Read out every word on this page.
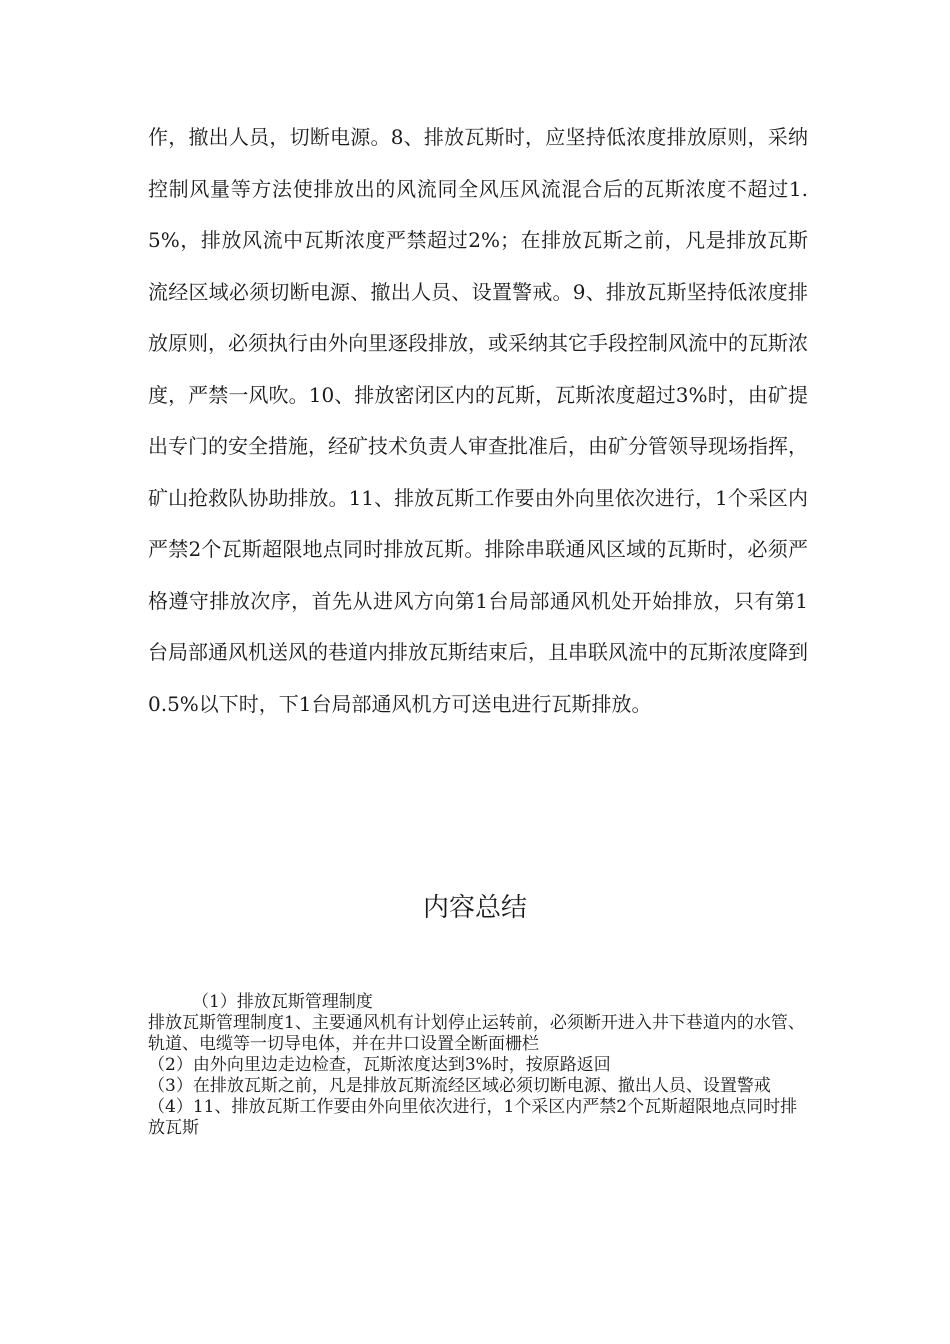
作，撤出人员，切断电源。8、排放瓦斯时，应坚持低浓度排放原则，采纳控制风量等方法使排放出的风流同全风压风流混合后的瓦斯浓度不超过1.5%，排放风流中瓦斯浓度严禁超过2%；在排放瓦斯之前，凡是排放瓦斯流经区域必须切断电源、撤出人员、设置警戒。9、排放瓦斯坚持低浓度排放原则，必须执行由外向里逐段排放，或采纳其它手段控制风流中的瓦斯浓度，严禁一风吹。10、排放密闭区内的瓦斯，瓦斯浓度超过3%时，由矿提出专门的安全措施，经矿技术负责人审查批准后，由矿分管领导现场指挥，矿山抢救队协助排放。11、排放瓦斯工作要由外向里依次进行，1个采区内严禁2个瓦斯超限地点同时排放瓦斯。排除串联通风区域的瓦斯时，必须严格遵守排放次序，首先从进风方向第1台局部通风机处开始排放，只有第1台局部通风机送风的巷道内排放瓦斯结束后，且串联风流中的瓦斯浓度降到0.5%以下时，下1台局部通风机方可送电进行瓦斯排放。

内容总结

（1）排放瓦斯管理制度

排放瓦斯管理制度1、主要通风机有计划停止运转前，必须断开进入井下巷道内的水管、轨道、电缆等一切导电体，并在井口设置全断面栅栏

（2）由外向里边走边检查，瓦斯浓度达到3%时，按原路返回

（3）在排放瓦斯之前，凡是排放瓦斯流经区域必须切断电源、撤出人员、设置警戒

（4）11、排放瓦斯工作要由外向里依次进行，1个采区内严禁2个瓦斯超限地点同时排放瓦斯
